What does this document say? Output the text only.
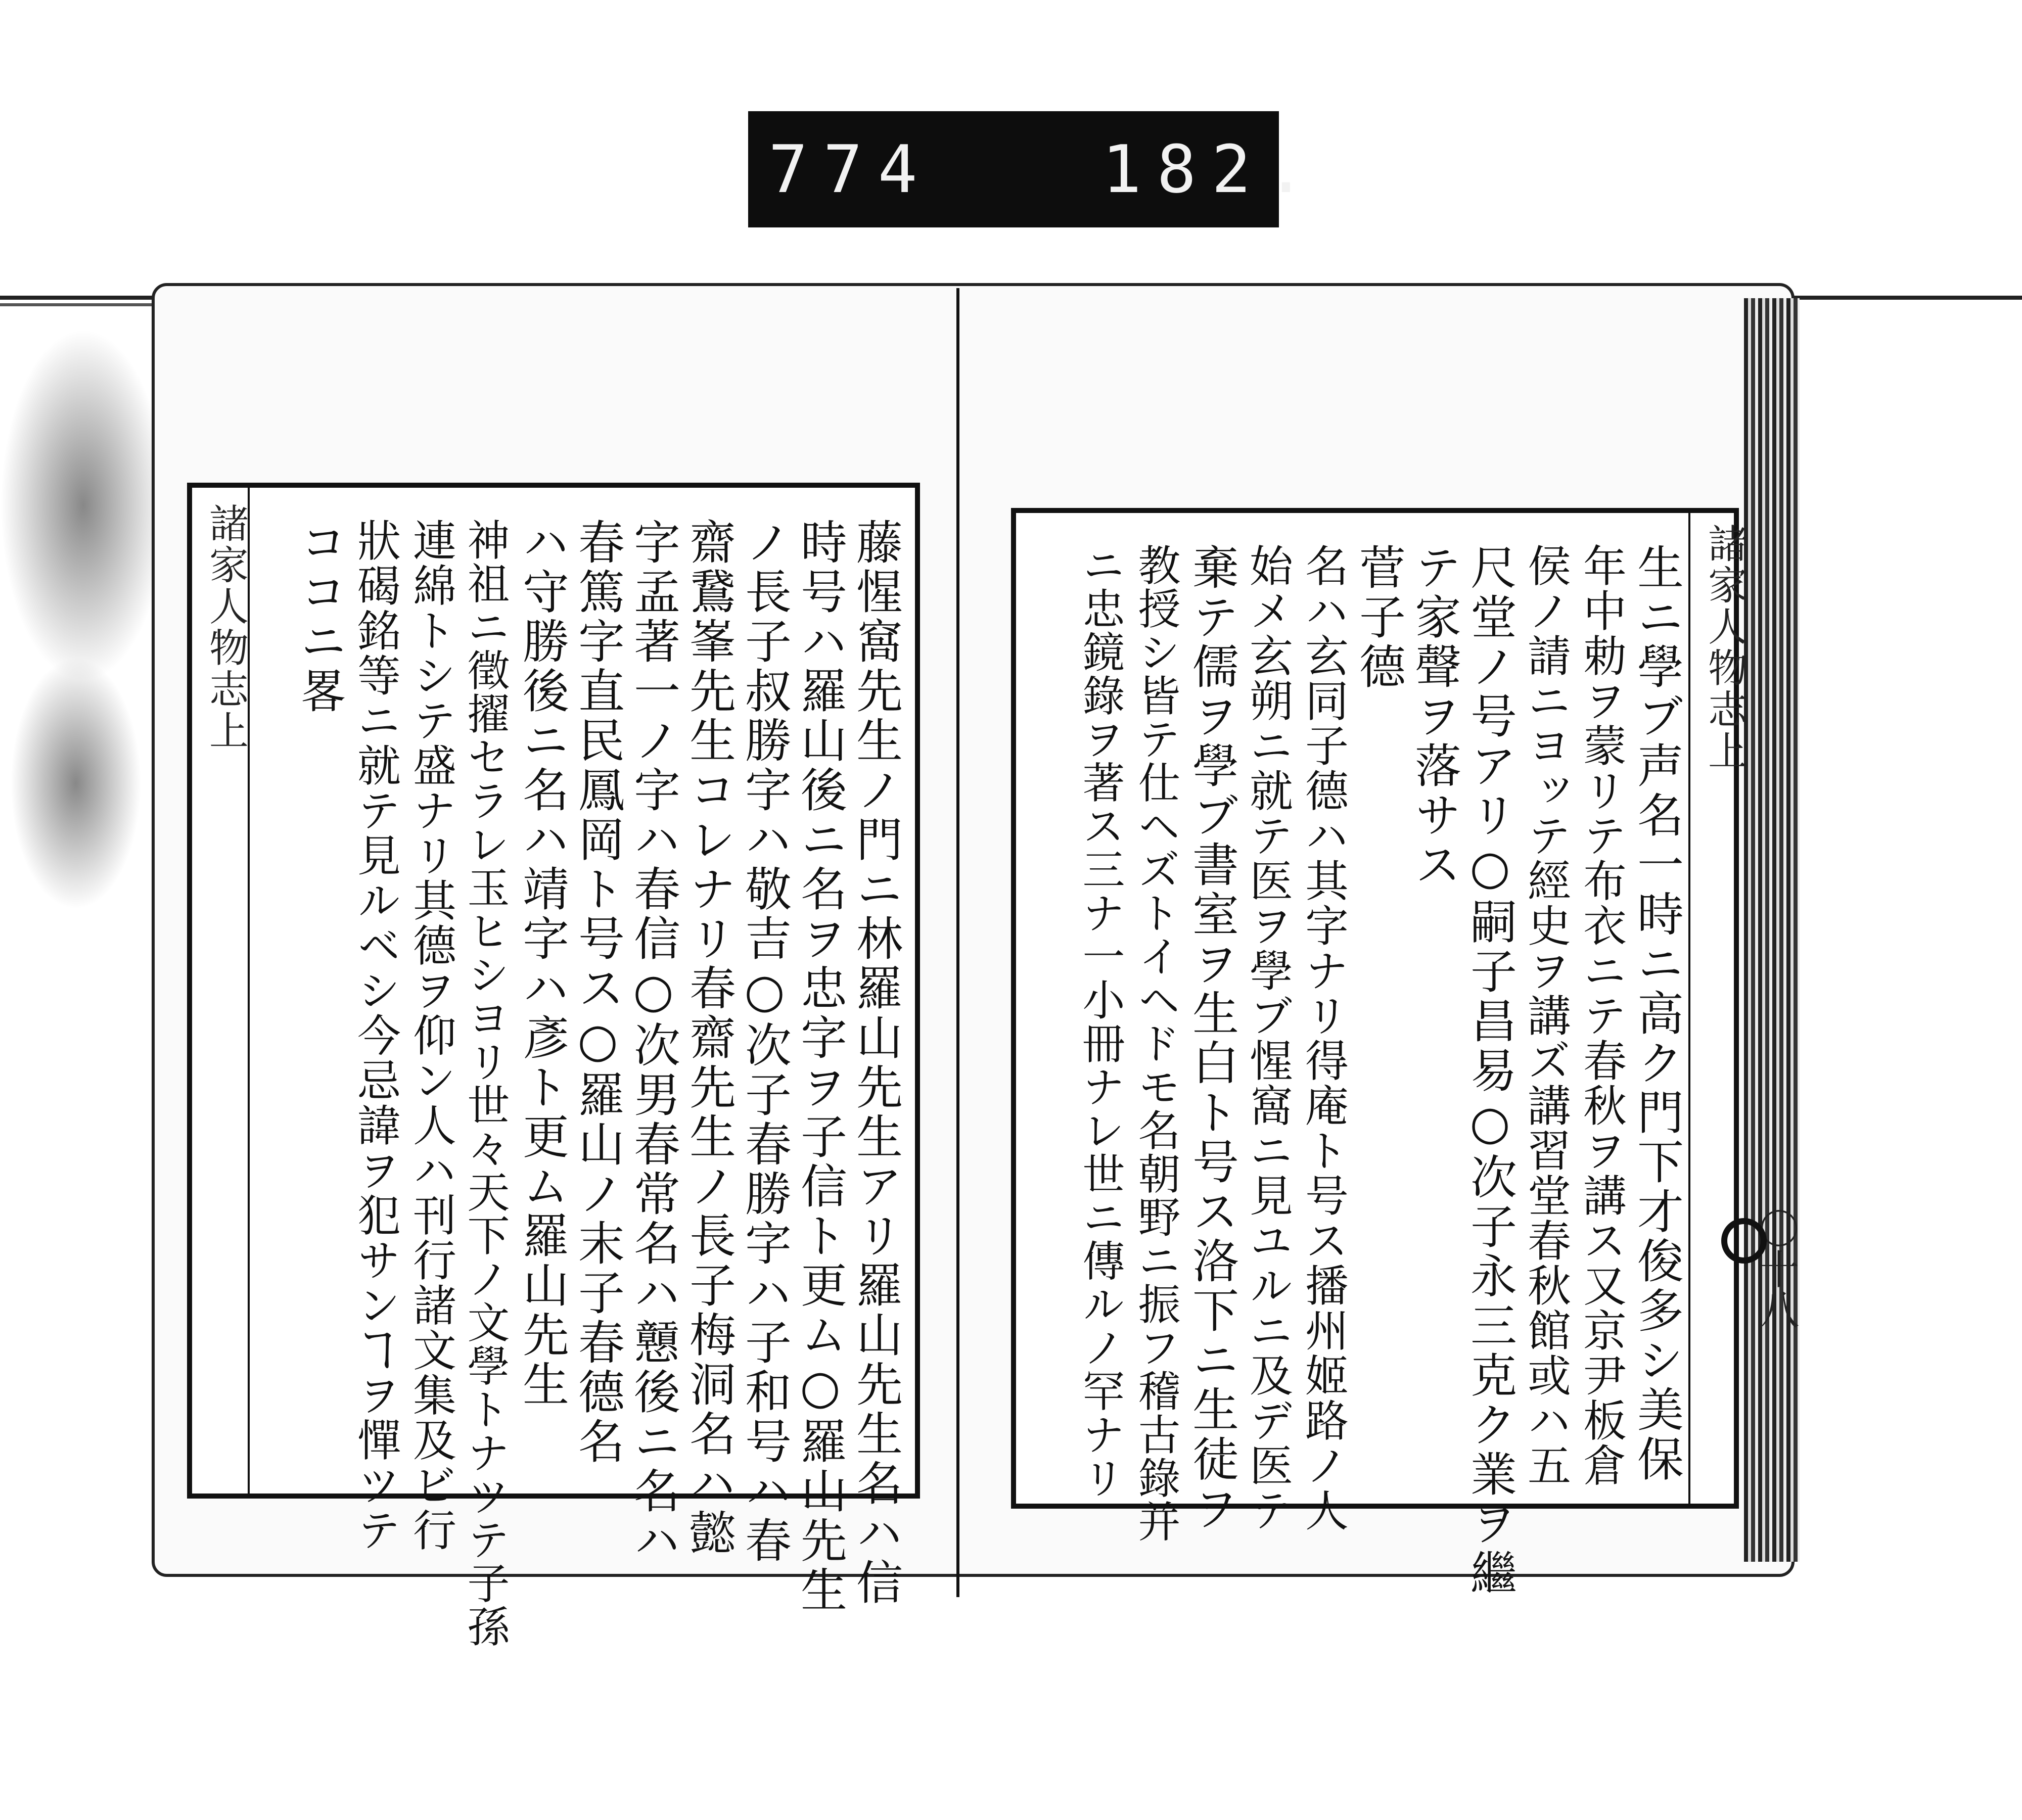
774	182.
諸家人物志上	藤惺窩先生ノ門ニ林羅山先生アリ羅山先生名ハ信
時号ハ羅山後ニ名ヲ忠字ヲ子信ト更ム○羅山先生
ノ長子叔勝字ハ敬吉○次子春勝字ハ子和号ハ春
齋鵞峯先生コレナリ春齋先生ノ長子梅洞名ハ懿
字孟著一ノ字ハ春信○次男春常名ハ戅後ニ名ハ
春篤字直民鳳岡ト号ス○羅山ノ末子春德名
ハ守勝後ニ名ハ靖字ハ彥ト更ム羅山先生
神祖ニ徵擢セラレ玉ヒシヨリ世々天下ノ文學トナツテ子孫
連綿トシテ盛ナリ其德ヲ仰ン人ハ刊行諸文集及ビ行
狀碣銘等ニ就テ見ルベシ今忌諱ヲ犯サンヿヲ憚ツテ
ココニ畧	諸家人物志上
生ニ學ブ声名一時ニ高ク門下才俊多シ美保
年中勅ヲ蒙リテ布衣ニテ春秋ヲ講ス又京尹板倉
侯ノ請ニヨッテ經史ヲ講ズ講習堂春秋館或ハ五
尺堂ノ号アリ○嗣子昌易○次子永三克ク業ヲ繼
テ家聲ヲ落サス
菅子德
名ハ玄同子德ハ其字ナリ得庵ト号ス播州姬路ノ人
始メ玄朔ニ就テ医ヲ學ブ惺窩ニ見ユルニ及デ医テ
棄テ儒ヲ學ブ書室ヲ生白ト号ス洛下ニ生徒ヲ
教授シ皆テ仕ヘズトイヘドモ名朝野ニ振フ稽古錄并
ニ忠鏡錄ヲ著ス三ナ一小冊ナレ世ニ傳ルノ罕ナリ	〇十八
